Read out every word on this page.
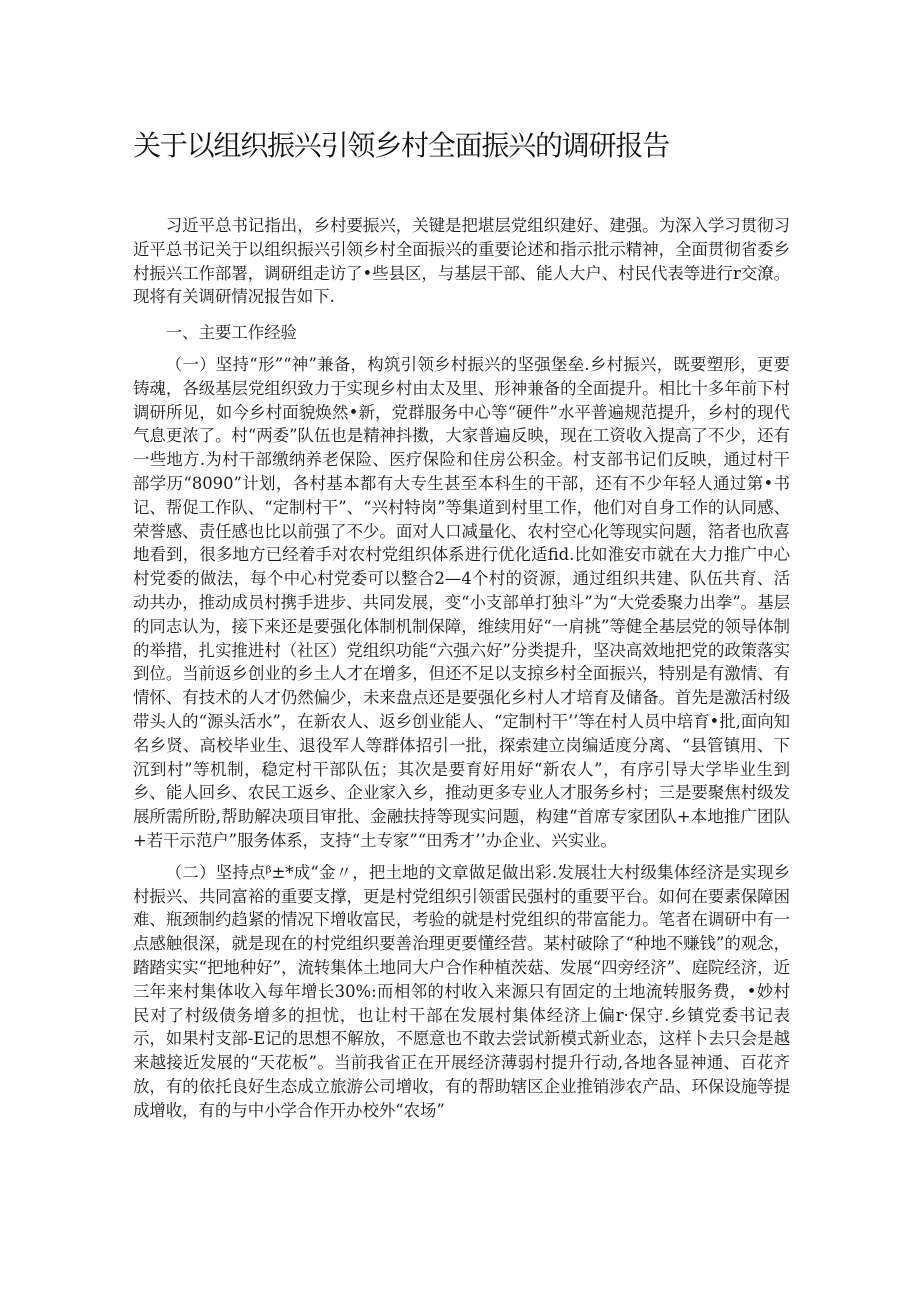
关于以组织振兴引领乡村全面振兴的调研报告

习近平总书记指出，乡村要振兴，关键是把堪层党组织建好、建强。为深入学习贯彻习近平总书记关于以组织振兴引领乡村全面振兴的重要论述和指示批示精神，全面贯彻省委乡村振兴工作部署，调研组走访了•些县区，与基层干部、能人大户、村民代表等进行r交潦。现将有关调研情况报告如下.

一、主要工作经验

（一）坚持“形”“神”兼备，构筑引领乡村振兴的坚强堡垒.乡村振兴，既要塑形，更要铸魂，各级基层党组织致力于实现乡村由太及里、形神兼备的全面提升。相比十多年前下村调研所见，如今乡村面貌焕然•新，党群服务中心等“硬件”水平普遍规范提升，乡村的现代气息更浓了。村“两委”队伍也是精神抖擞，大家普遍反映，现在工资收入提高了不少，还有一些地方.为村干部缴纳养老保险、医疗保险和住房公积金。村支部书记们反映，通过村干部学历“8090”计划，各村基本都有大专生甚至本科生的干部，还有不少年轻人通过第•书记、帮促工作队、“定制村干”、“兴村特岗”等集道到村里工作，他们对自身工作的认同感、荣誉感、责任感也比以前强了不少。面对人口减量化、农村空心化等现实问题，箔者也欣喜地看到，很多地方已经着手对农村党组织体系进行优化适fid.比如淮安市就在大力推广中心村党委的做法，每个中心村党委可以整合2—4个村的资源，通过组织共建、队伍共育、活动共办，推动成员村携手进步、共同发展，变“小支部单打独斗”为“大党委聚力出拳”。基层的同志认为，接下来还是要强化体制机制保障，维续用好“一肩挑”等健全基层党的领导体制的举措，扎实推进村（社区）党组织功能“六强六好”分类提升，坚决高效地把党的政策落实到位。当前返乡创业的乡土人才在增多，但还不足以支掠乡村全面振兴，特别是有激情、有情怀、有技术的人才仍然偏少，未来盘点还是要强化乡村人才培育及储备。首先是激活村级带头人的“源头活水”，在新农人、返乡创业能人、“定制村干’’等在村人员中培育•批,面向知名乡贤、高校毕业生、退役军人等群体招引一批，探索建立岗编适度分离、“县管镇用、下沉到村”等机制，稳定村干部队伍；其次是要育好用好“新农人”，有序引导大学毕业生到乡、能人回乡、农民工返乡、企业家入乡，推动更多专业人才服务乡村；三是要聚焦村级发展所需所盼,帮助解决项目审批、金融扶持等现实问题，构建“首席专家团队+本地推广团队+若干示范户”服务体系，支持“土专家”“田秀才’’办企业、兴实业。

（二）坚持点ᵝ±*成“金〃，把土地的文章做足做出彩.发展壮大村级集体经济是实现乡村振兴、共同富裕的重要支撑，更是村党组织引领雷民强村的重要平台。如何在要素保障困难、瓶颈制约趋紧的情况下增收富民，考验的就是村党组织的带富能力。笔者在调研中有一点感触很深，就是现在的村党组织要善治理更要懂经营。某村破除了“种地不赚钱”的观念，踏踏实实“把地种好”，流转集体土地同大户合作种植茨菇、发展“四旁经济”、庭院经济，近三年来村集体收入每年增长30%:而相邻的村收入来源只有固定的土地流转服务费，•妙村民对了村级债务增多的担忧，也让村干部在发展村集体经济上偏r·保守.乡镇党委书记表示，如果村支部-E记的思想不解放，不愿意也不敢去尝试新模式新业态，这样卜去只会是越来越接近发展的“天花板”。当前我省正在开展经济薄弱村提升行动,各地各显神通、百花齐放，有的依托良好生态成立旅游公司增收，有的帮助辖区企业推销涉农产品、环保设施等提成增收，有的与中小学合作开办校外“农场”
